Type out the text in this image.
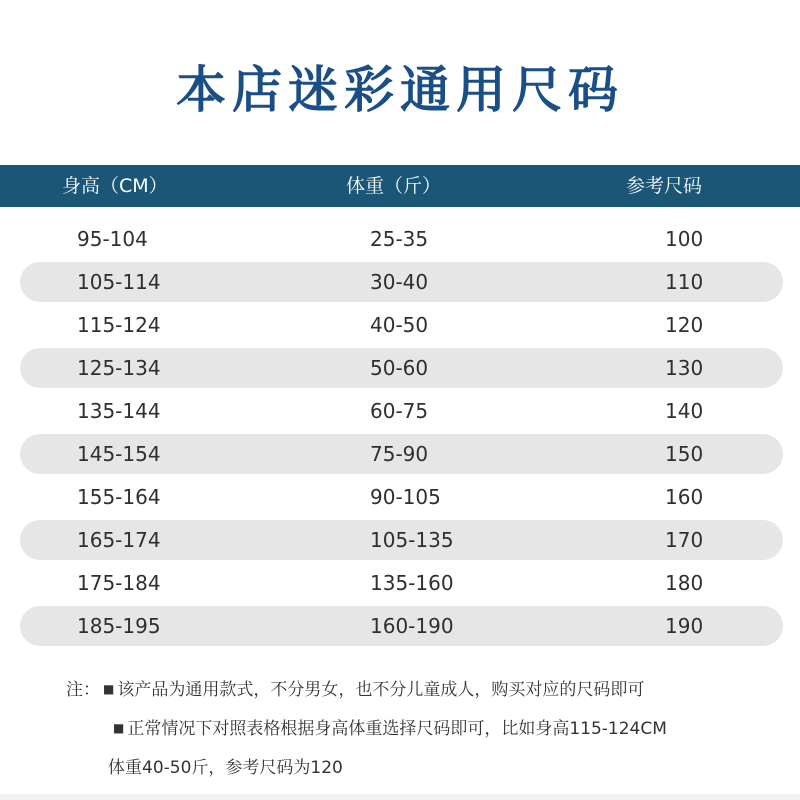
本店迷彩通用尺码
身高（CM）	体重（斤）	参考尺码
95-104	25-35	100
105-114	30-40	110
115-124	40-50	120
125-134	50-60	130
135-144	60-75	140
145-154	75-90	150
155-164	90-105	160
165-174	105-135	170
175-184	135-160	180
185-195	160-190	190
注： ■ 该产品为通用款式，不分男女，也不分儿童成人，购买对应的尺码即可
■ 正常情况下对照表格根据身高体重选择尺码即可，比如身高115-124CM
体重40-50斤，参考尺码为120
